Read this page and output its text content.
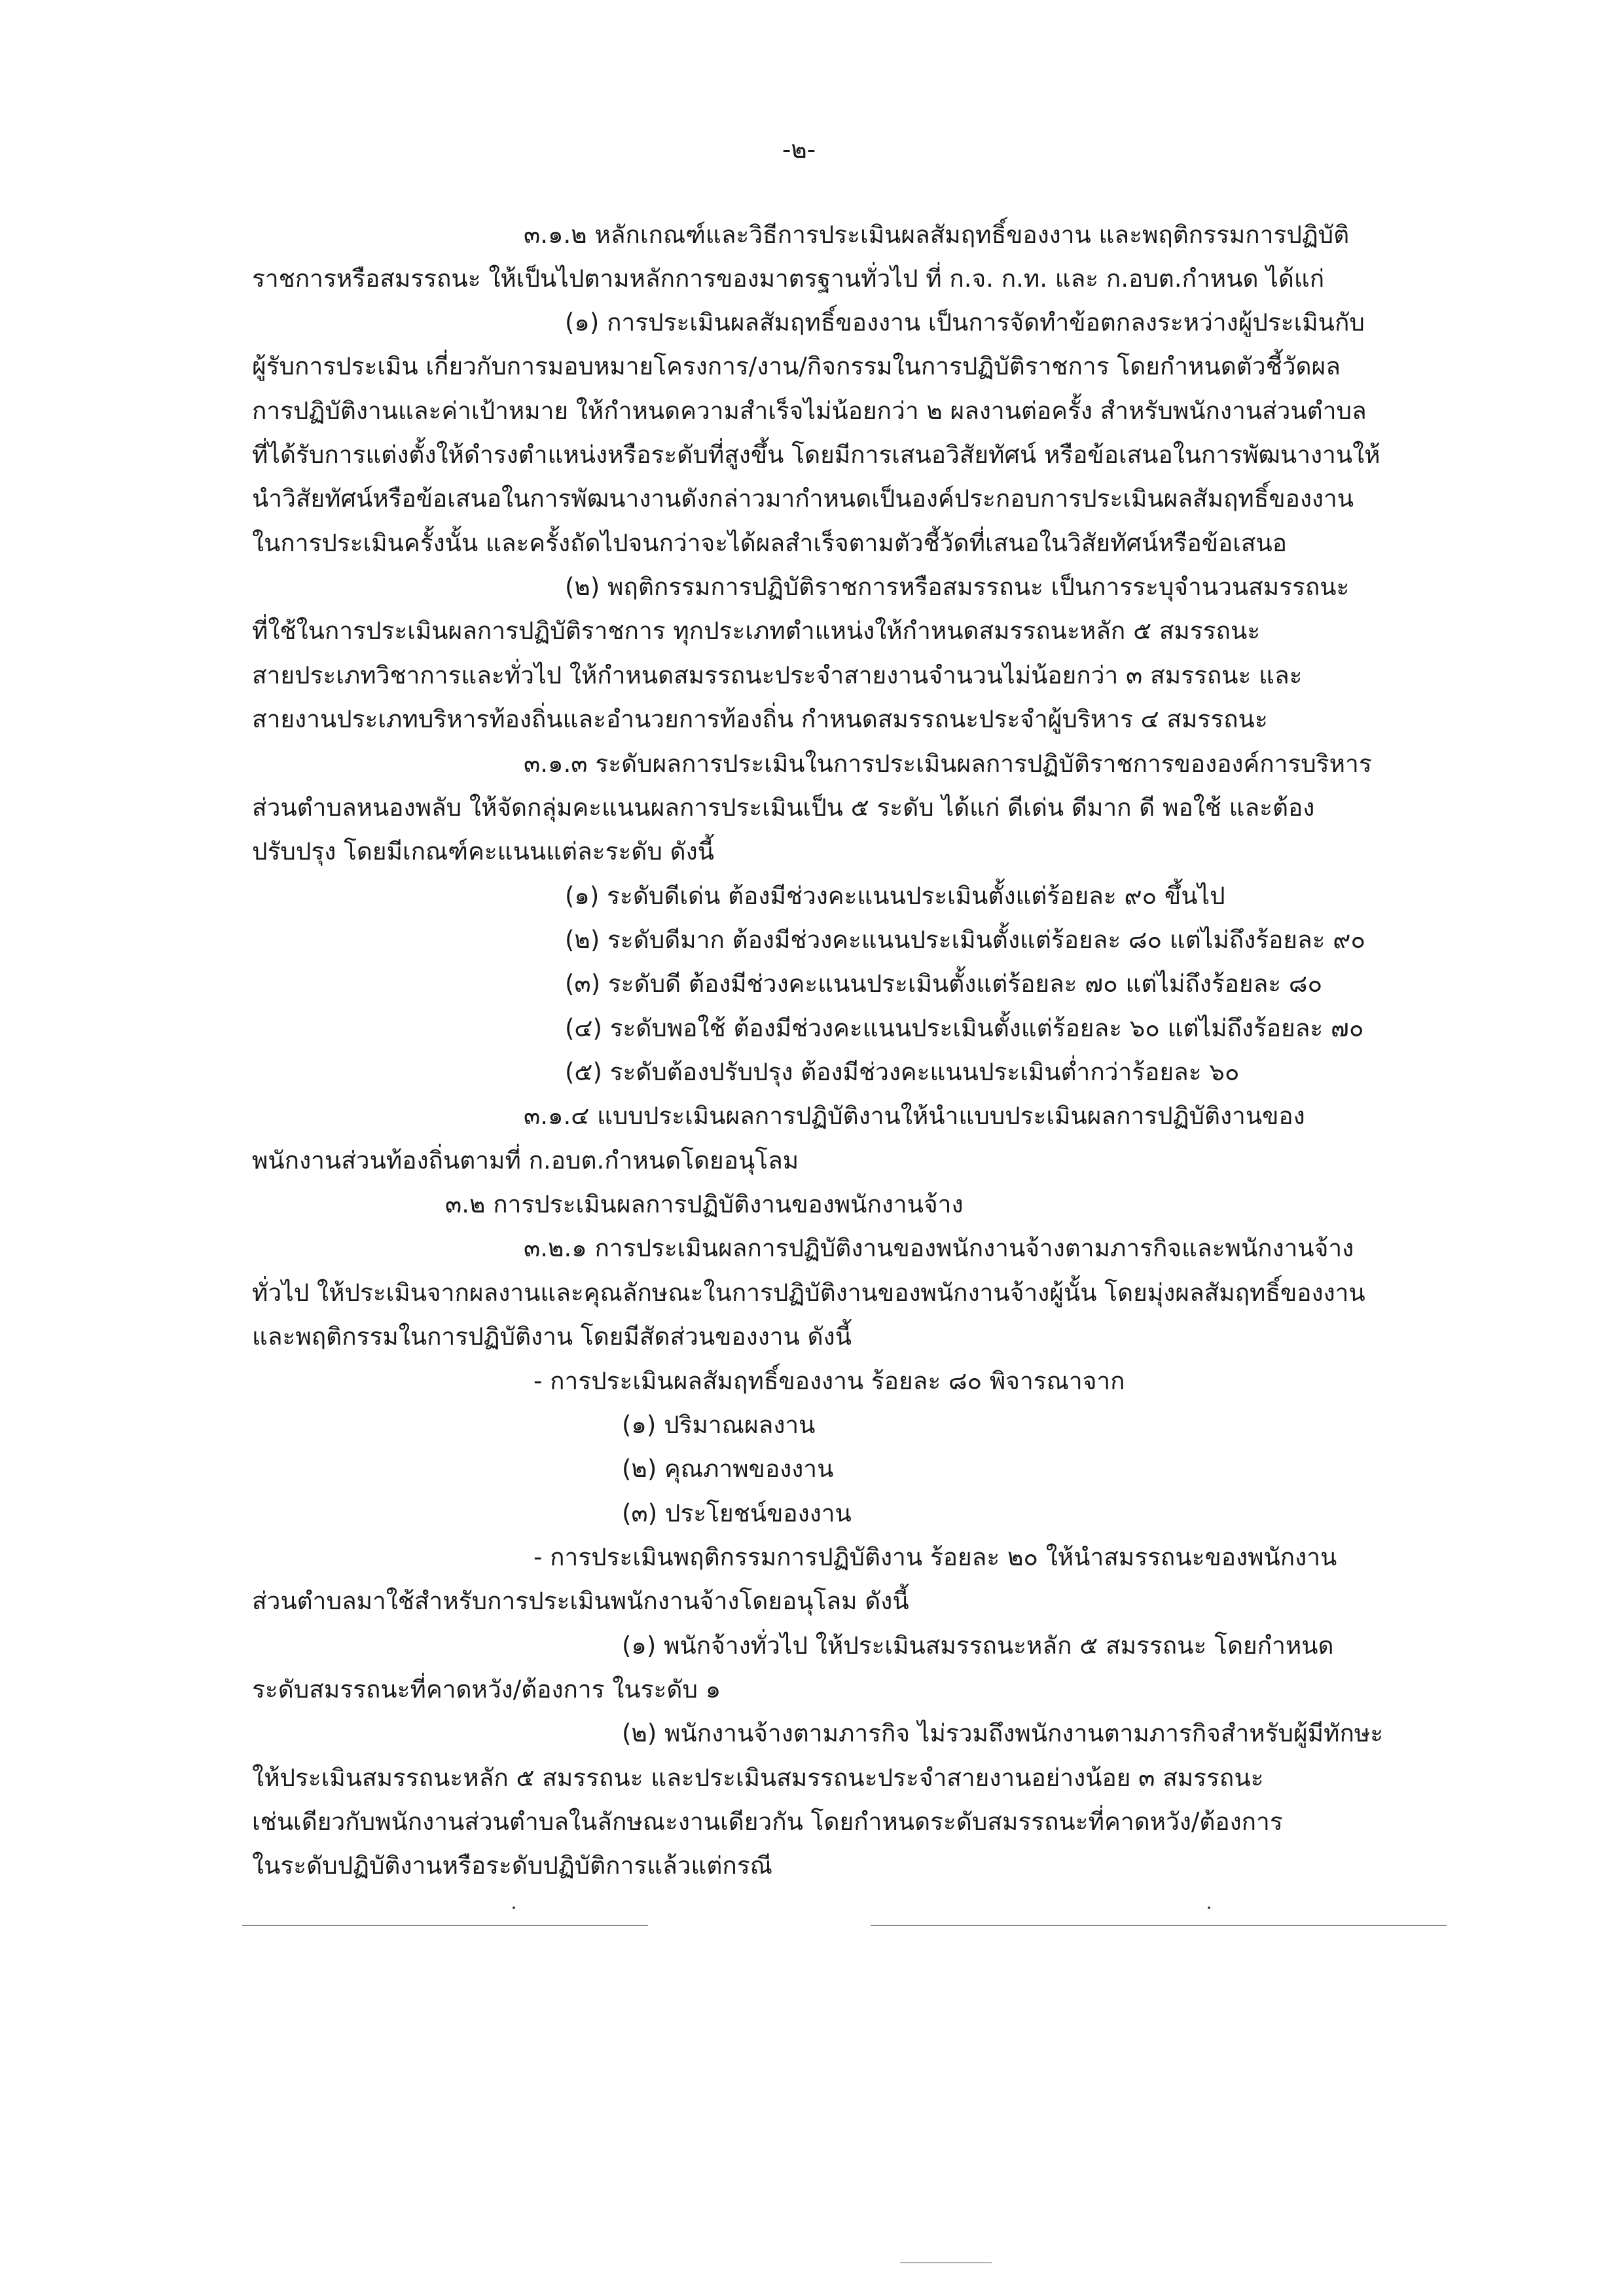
-๒-
๓.๑.๒ หลักเกณฑ์และวิธีการประเมินผลสัมฤทธิ์ของงาน และพฤติกรรมการปฏิบัติ
ราชการหรือสมรรถนะ ให้เป็นไปตามหลักการของมาตรฐานทั่วไป ที่ ก.จ. ก.ท. และ ก.อบต.กำหนด ได้แก่
(๑) การประเมินผลสัมฤทธิ์ของงาน เป็นการจัดทำข้อตกลงระหว่างผู้ประเมินกับ
ผู้รับการประเมิน เกี่ยวกับการมอบหมายโครงการ/งาน/กิจกรรมในการปฏิบัติราชการ โดยกำหนดตัวชี้วัดผล
การปฏิบัติงานและค่าเป้าหมาย ให้กำหนดความสำเร็จไม่น้อยกว่า ๒ ผลงานต่อครั้ง สำหรับพนักงานส่วนตำบล
ที่ได้รับการแต่งตั้งให้ดำรงตำแหน่งหรือระดับที่สูงขึ้น โดยมีการเสนอวิสัยทัศน์ หรือข้อเสนอในการพัฒนางานให้
นำวิสัยทัศน์หรือข้อเสนอในการพัฒนางานดังกล่าวมากำหนดเป็นองค์ประกอบการประเมินผลสัมฤทธิ์ของงาน
ในการประเมินครั้งนั้น และครั้งถัดไปจนกว่าจะได้ผลสำเร็จตามตัวชี้วัดที่เสนอในวิสัยทัศน์หรือข้อเสนอ
(๒) พฤติกรรมการปฏิบัติราชการหรือสมรรถนะ เป็นการระบุจำนวนสมรรถนะ
ที่ใช้ในการประเมินผลการปฏิบัติราชการ ทุกประเภทตำแหน่งให้กำหนดสมรรถนะหลัก ๕ สมรรถนะ
สายประเภทวิชาการและทั่วไป ให้กำหนดสมรรถนะประจำสายงานจำนวนไม่น้อยกว่า ๓ สมรรถนะ และ
สายงานประเภทบริหารท้องถิ่นและอำนวยการท้องถิ่น กำหนดสมรรถนะประจำผู้บริหาร ๔ สมรรถนะ
๓.๑.๓ ระดับผลการประเมินในการประเมินผลการปฏิบัติราชการขององค์การบริหาร
ส่วนตำบลหนองพลับ ให้จัดกลุ่มคะแนนผลการประเมินเป็น ๕ ระดับ ได้แก่ ดีเด่น ดีมาก ดี พอใช้ และต้อง
ปรับปรุง โดยมีเกณฑ์คะแนนแต่ละระดับ ดังนี้
(๑) ระดับดีเด่น ต้องมีช่วงคะแนนประเมินตั้งแต่ร้อยละ ๙๐ ขึ้นไป
(๒) ระดับดีมาก ต้องมีช่วงคะแนนประเมินตั้งแต่ร้อยละ ๘๐ แต่ไม่ถึงร้อยละ ๙๐
(๓) ระดับดี ต้องมีช่วงคะแนนประเมินตั้งแต่ร้อยละ ๗๐ แต่ไม่ถึงร้อยละ ๘๐
(๔) ระดับพอใช้ ต้องมีช่วงคะแนนประเมินตั้งแต่ร้อยละ ๖๐ แต่ไม่ถึงร้อยละ ๗๐
(๕) ระดับต้องปรับปรุง ต้องมีช่วงคะแนนประเมินต่ำกว่าร้อยละ ๖๐
๓.๑.๔ แบบประเมินผลการปฏิบัติงานให้นำแบบประเมินผลการปฏิบัติงานของ
พนักงานส่วนท้องถิ่นตามที่ ก.อบต.กำหนดโดยอนุโลม
๓.๒ การประเมินผลการปฏิบัติงานของพนักงานจ้าง
๓.๒.๑ การประเมินผลการปฏิบัติงานของพนักงานจ้างตามภารกิจและพนักงานจ้าง
ทั่วไป ให้ประเมินจากผลงานและคุณลักษณะในการปฏิบัติงานของพนักงานจ้างผู้นั้น โดยมุ่งผลสัมฤทธิ์ของงาน
และพฤติกรรมในการปฏิบัติงาน โดยมีสัดส่วนของงาน ดังนี้
- การประเมินผลสัมฤทธิ์ของงาน ร้อยละ ๘๐ พิจารณาจาก
(๑) ปริมาณผลงาน
(๒) คุณภาพของงาน
(๓) ประโยชน์ของงาน
- การประเมินพฤติกรรมการปฏิบัติงาน ร้อยละ ๒๐ ให้นำสมรรถนะของพนักงาน
ส่วนตำบลมาใช้สำหรับการประเมินพนักงานจ้างโดยอนุโลม ดังนี้
(๑) พนักจ้างทั่วไป ให้ประเมินสมรรถนะหลัก ๕ สมรรถนะ โดยกำหนด
ระดับสมรรถนะที่คาดหวัง/ต้องการ ในระดับ ๑
(๒) พนักงานจ้างตามภารกิจ ไม่รวมถึงพนักงานตามภารกิจสำหรับผู้มีทักษะ
ให้ประเมินสมรรถนะหลัก ๕ สมรรถนะ และประเมินสมรรถนะประจำสายงานอย่างน้อย ๓ สมรรถนะ
เช่นเดียวกับพนักงานส่วนตำบลในลักษณะงานเดียวกัน โดยกำหนดระดับสมรรถนะที่คาดหวัง/ต้องการ
ในระดับปฏิบัติงานหรือระดับปฏิบัติการแล้วแต่กรณี
